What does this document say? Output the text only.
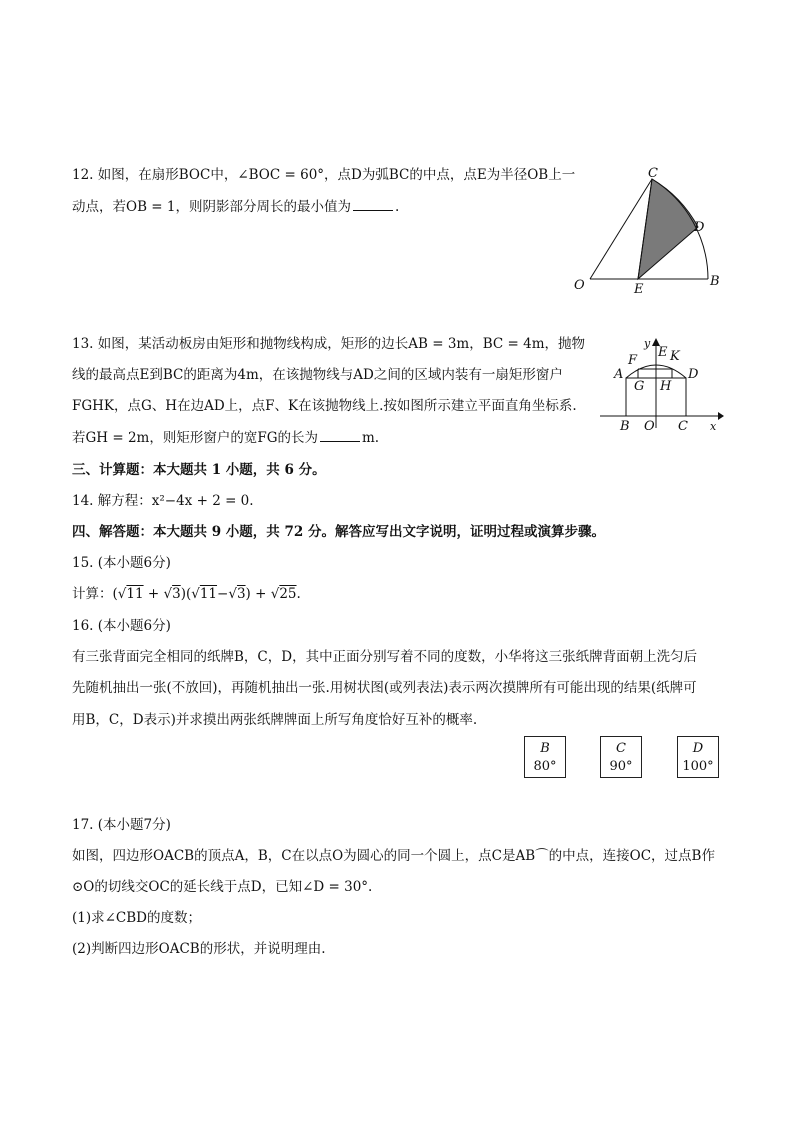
12. 如图，在扇形BOC中，∠BOC = 60°，点D为弧BC的中点，点E为半径OB上一
动点，若OB = 1，则阴影部分周长的最小值为	.
C
D
O	E
B
13. 如图，某活动板房由矩形和抛物线构成，矩形的边长AB = 3m，BC = 4m，抛物
线的最高点E到BC的距离为4m，在该抛物线与AD之间的区域内装有一扇矩形窗户
FGHK，点G、H在边AD上，点F、K在该抛物线上.按如图所示建立平面直角坐标系.
若GH = 2m，则矩形窗户的宽FG的长为	m.
y
E
F	K
A
G H
D
B O C x
三、计算题：本大题共 1 小题，共 6 分。
14. 解方程：x²−4x + 2 = 0.
四、解答题：本大题共 9 小题，共 72 分。解答应写出文字说明，证明过程或演算步骤。
15. (本小题6分)
计算：(√11 + √3)(√11−√3) + √25.
16. (本小题6分)
有三张背面完全相同的纸牌B，C，D，其中正面分别写着不同的度数，小华将这三张纸牌背面朝上洗匀后
先随机抽出一张(不放回)，再随机抽出一张.用树状图(或列表法)表示两次摸牌所有可能出现的结果(纸牌可
用B，C，D表示)并求摸出两张纸牌牌面上所写角度恰好互补的概率.
B
80°
C
90°
D
100°
17. (本小题7分)
如图，四边形OACB的顶点A，B，C在以点O为圆心的同一个圆上，点C是AB⌒的中点，连接OC，过点B作
⊙O的切线交OC的延长线于点D，已知∠D = 30°.
(1)求∠CBD的度数；
(2)判断四边形OACB的形状，并说明理由.
